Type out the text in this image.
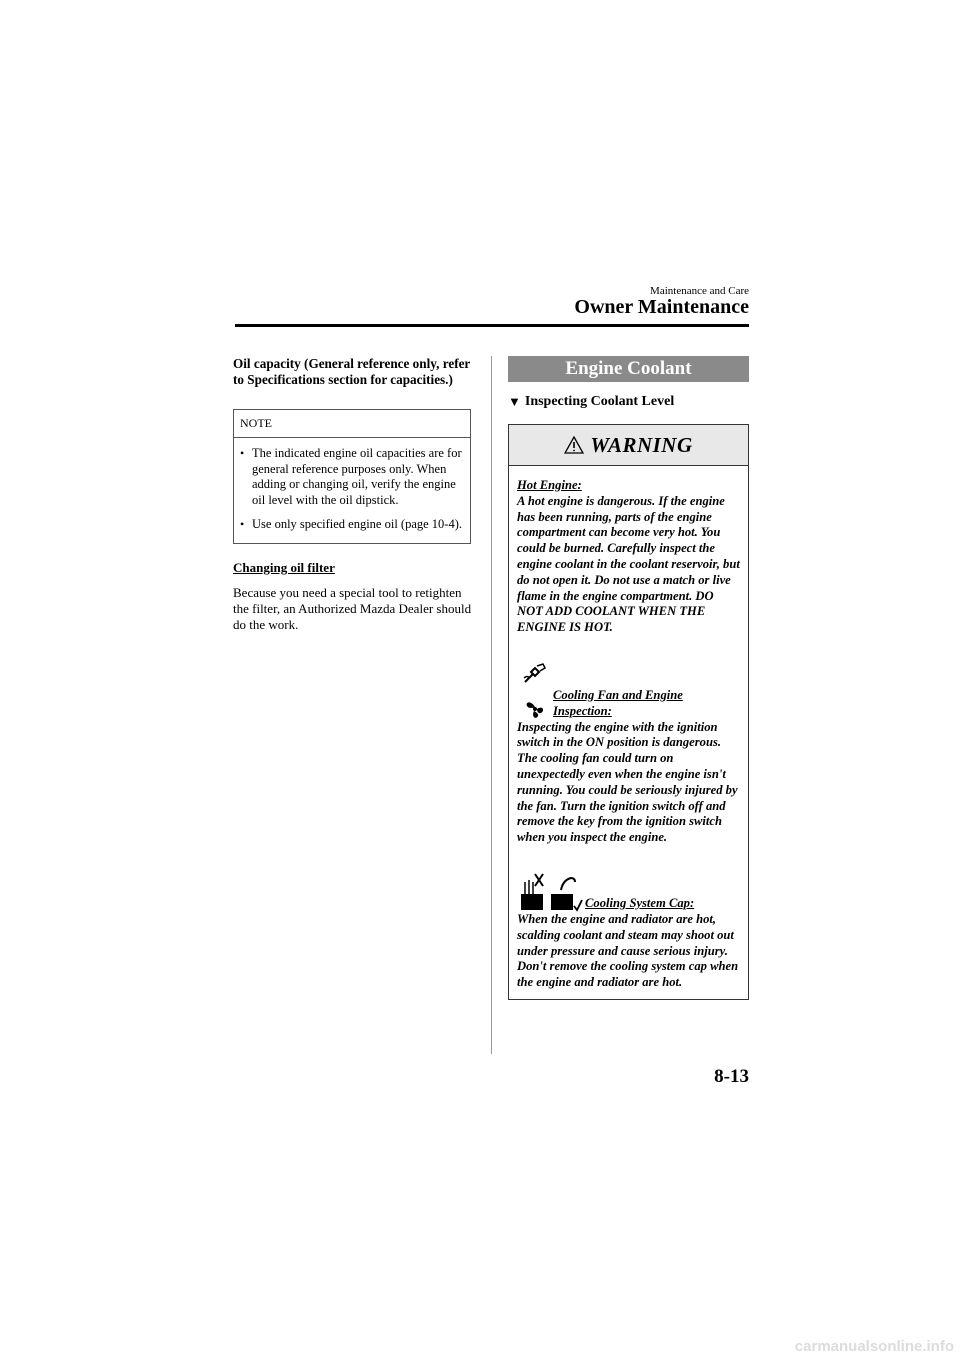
Maintenance and Care
Owner Maintenance

Oil capacity (General reference only, refer to Specifications section for capacities.)

NOTE
• The indicated engine oil capacities are for general reference purposes only. When adding or changing oil, verify the engine oil level with the oil dipstick.
• Use only specified engine oil (page 10-4).
Changing oil filter
Because you need a special tool to retighten the filter, an Authorized Mazda Dealer should do the work.
Engine Coolant
▼ Inspecting Coolant Level
WARNING
Hot Engine:
A hot engine is dangerous. If the engine has been running, parts of the engine compartment can become very hot. You could be burned. Carefully inspect the engine coolant in the coolant reservoir, but do not open it. Do not use a match or live flame in the engine compartment. DO NOT ADD COOLANT WHEN THE ENGINE IS HOT.
Cooling Fan and Engine Inspection:
Inspecting the engine with the ignition switch in the ON position is dangerous. The cooling fan could turn on unexpectedly even when the engine isn't running. You could be seriously injured by the fan. Turn the ignition switch off and remove the key from the ignition switch when you inspect the engine.
Cooling System Cap:
When the engine and radiator are hot, scalding coolant and steam may shoot out under pressure and cause serious injury. Don't remove the cooling system cap when the engine and radiator are hot.
8-13
carmanualsonline.info
